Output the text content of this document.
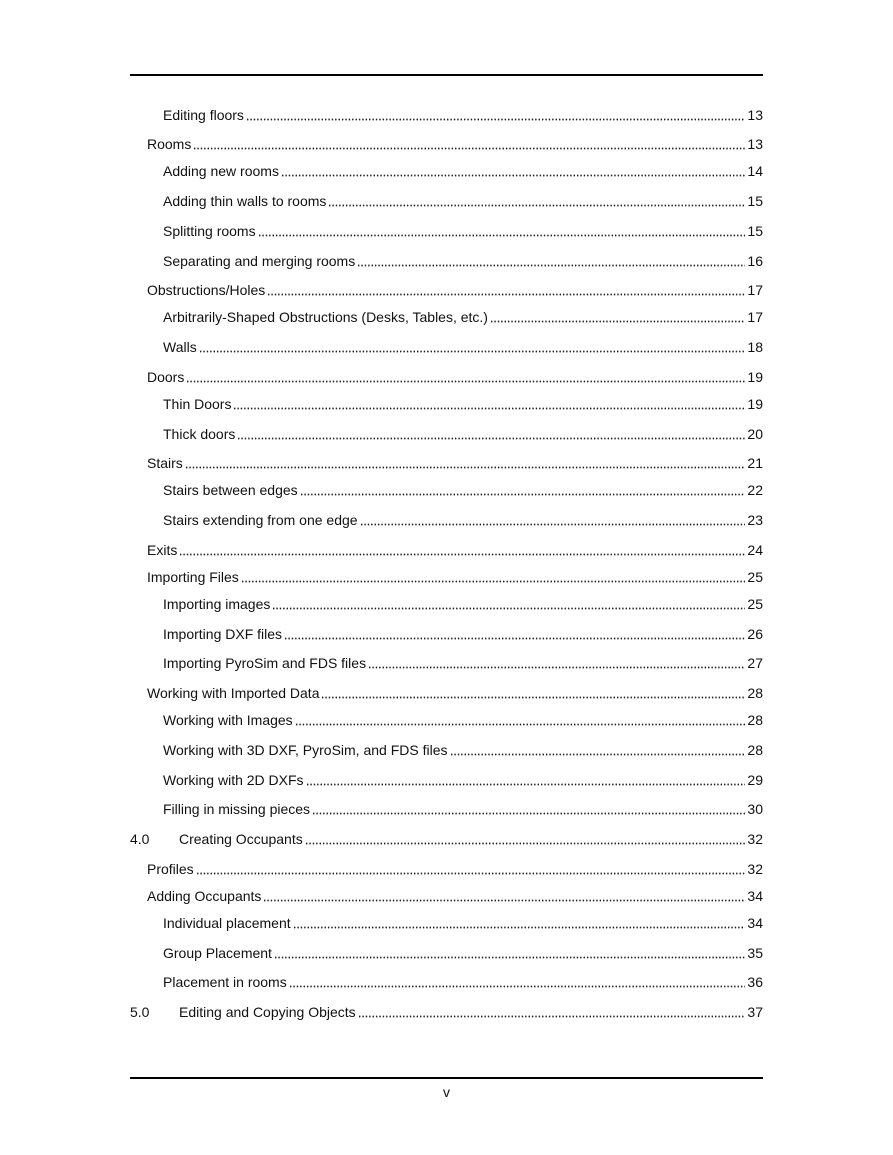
Editing floors	13
Rooms	13
Adding new rooms	14
Adding thin walls to rooms	15
Splitting rooms	15
Separating and merging rooms	16
Obstructions/Holes	17
Arbitrarily-Shaped Obstructions (Desks, Tables, etc.)	17
Walls	18
Doors	19
Thin Doors	19
Thick doors	20
Stairs	21
Stairs between edges	22
Stairs extending from one edge	23
Exits	24
Importing Files	25
Importing images	25
Importing DXF files	26
Importing PyroSim and FDS files	27
Working with Imported Data	28
Working with Images	28
Working with 3D DXF, PyroSim, and FDS files	28
Working with 2D DXFs	29
Filling in missing pieces	30
4.0	Creating Occupants	32
Profiles	32
Adding Occupants	34
Individual placement	34
Group Placement	35
Placement in rooms	36
5.0	Editing and Copying Objects	37
v
